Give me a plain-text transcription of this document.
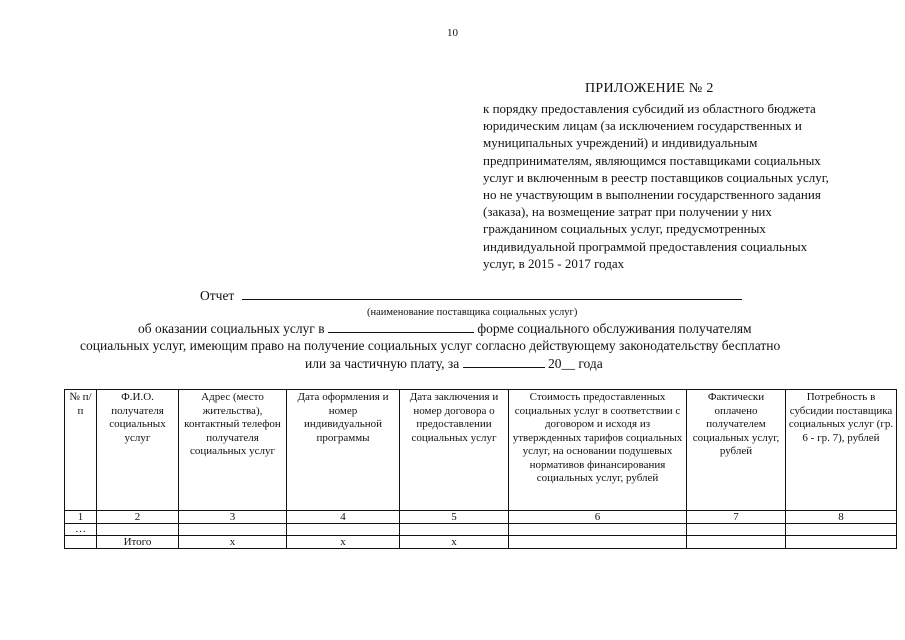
10
ПРИЛОЖЕНИЕ № 2
к порядку предоставления субсидий из областного бюджета
юридическим лицам (за исключением государственных и
муниципальных учреждений) и индивидуальным
предпринимателям, являющимся поставщиками социальных
услуг и включенным в реестр поставщиков социальных услуг,
но не участвующим в выполнении государственного задания
(заказа), на возмещение затрат при получении у них
гражданином социальных услуг, предусмотренных
индивидуальной программой предоставления социальных
услуг, в 2015 - 2017 годах
Отчет
(наименование поставщика социальных услуг)
об оказании социальных услуг в	форме социального обслуживания получателям
социальных услуг, имеющим право на получение социальных услуг согласно действующему законодательству бесплатно
или за частичную плату, за	20__ года
№ п/п	Ф.И.О. получателя социальных услуг	Адрес (место жительства), контактный телефон получателя социальных услуг	Дата оформления и номер индивидуальной программы	Дата заключения и номер договора о предоставлении социальных услуг	Стоимость предоставленных социальных услуг в соответствии с договором и исходя из утвержденных тарифов социальных услуг, на основании подушевых нормативов финансирования социальных услуг, рублей	Фактически оплачено получателем социальных услуг, рублей	Потребность в субсидии поставщика социальных услуг (гр. 6 - гр. 7), рублей
1	2	3	4	5	6	7	8
…							
	Итого	x	x	x			
